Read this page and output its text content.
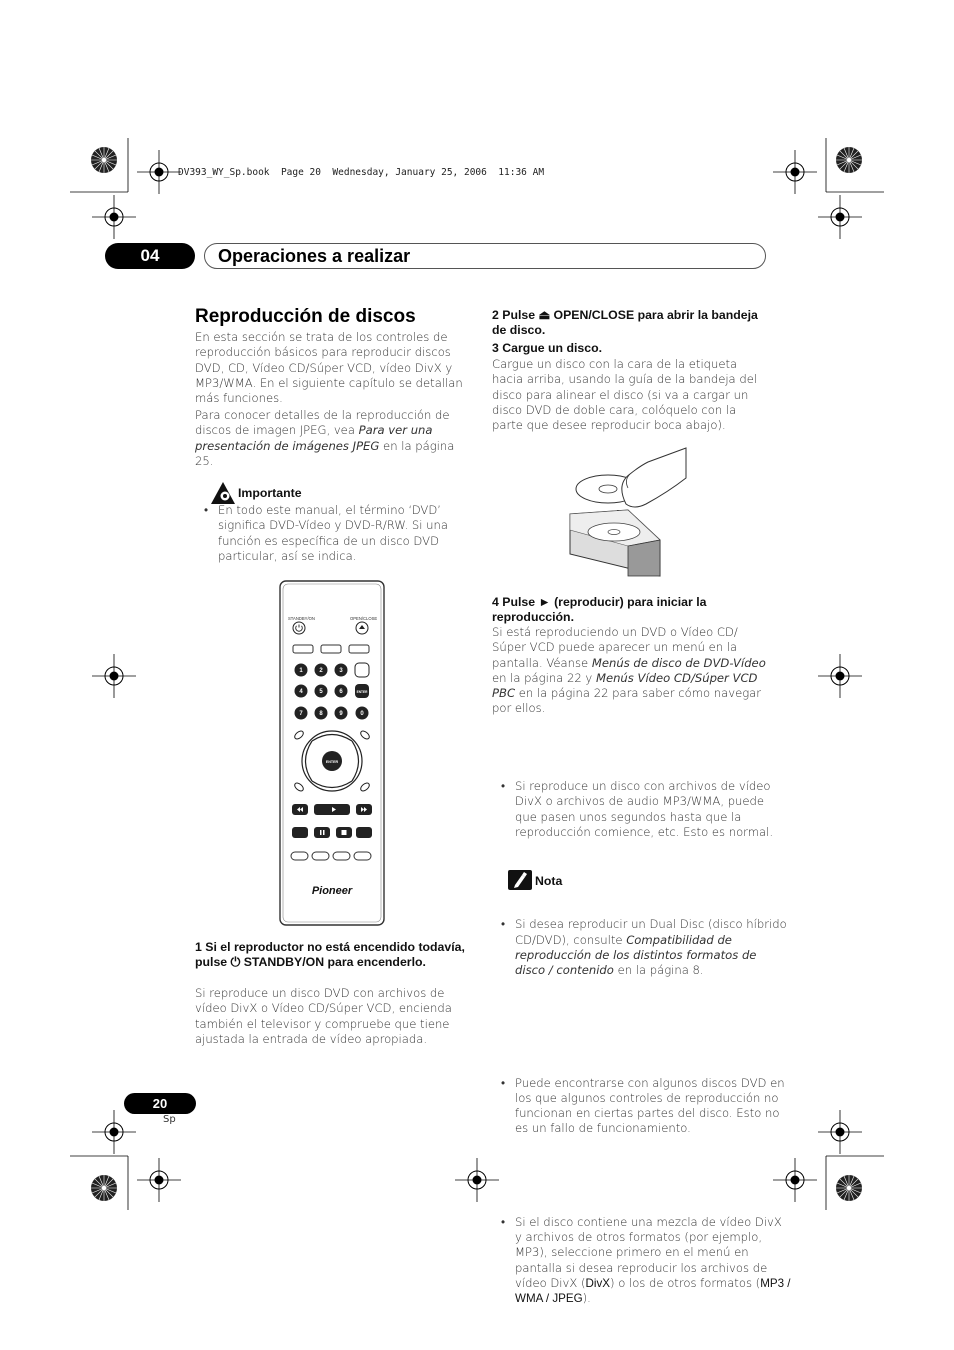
DV393_WY_Sp.book  Page 20  Wednesday, January 25, 2006  11:36 AM
04	Operaciones a realizar
Reproducción de discos
En esta sección se trata de los controles de reproducción básicos para reproducir discos DVD, CD, Vídeo CD/Súper VCD, vídeo DivX y MP3/WMA. En el siguiente capítulo se detallan más funciones.
Para conocer detalles de la reproducción de discos de imagen JPEG, vea Para ver una presentación de imágenes JPEG en la página 25.
Importante
• En todo este manual, el término ‘DVD’ significa DVD-Vídeo y DVD-R/RW. Si una función es específica de un disco DVD particular, así se indica.
STANDBY/ON	OPEN/CLOSE
1	2	3
4	5	6
7	8	9	0
ENTER
ENTER
Pioneer
1 Si el reproductor no está encendido todavía, pulse ⏻ STANDBY/ON para encenderlo.
Si reproduce un disco DVD con archivos de vídeo DivX o Vídeo CD/Súper VCD, encienda también el televisor y compruebe que tiene ajustada la entrada de vídeo apropiada.
2 Pulse ⏏ OPEN/CLOSE para abrir la bandeja de disco.
3 Cargue un disco.
Cargue un disco con la cara de la etiqueta hacia arriba, usando la guía de la bandeja del disco para alinear el disco (si va a cargar un disco DVD de doble cara, colóquelo con la parte que desee reproducir boca abajo).
4 Pulse ► (reproducir) para iniciar la reproducción.
Si está reproduciendo un DVD o Vídeo CD/ Súper VCD puede aparecer un menú en la pantalla. Véanse Menús de disco de DVD-Vídeo en la página 22 y Menús Vídeo CD/Súper VCD PBC en la página 22 para saber cómo navegar por ellos.
• Si reproduce un disco con archivos de vídeo DivX o archivos de audio MP3/WMA, puede que pasen unos segundos hasta que la reproducción comience, etc. Esto es normal.
• Si desea reproducir un Dual Disc (disco híbrido CD/DVD), consulte Compatibilidad de reproducción de los distintos formatos de disco / contenido en la página 8.
Nota
• Puede encontrarse con algunos discos DVD en los que algunos controles de reproducción no funcionan en ciertas partes del disco. Esto no es un fallo de funcionamiento.
• Si el disco contiene una mezcla de vídeo DivX y archivos de otros formatos (por ejemplo, MP3), seleccione primero en el menú en pantalla si desea reproducir los archivos de vídeo DivX (DivX) o los de otros formatos (MP3 / WMA / JPEG).
20
Sp
